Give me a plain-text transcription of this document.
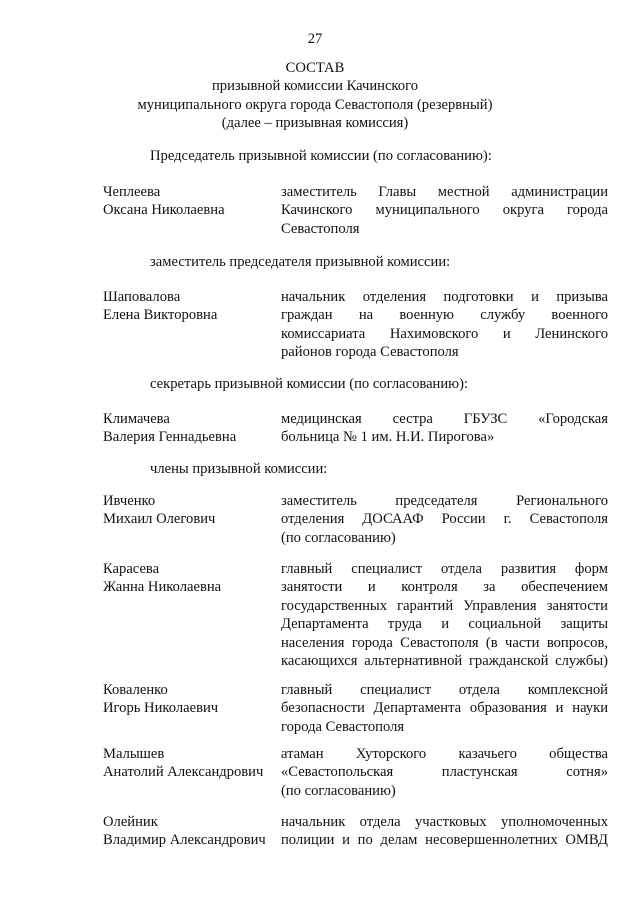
27
СОСТАВ
призывной комиссии Качинского
муниципального округа города Севастополя (резервный)
(далее – призывная комиссия)
Председатель призывной комиссии (по согласованию):
Чеплеева
Оксана Николаевна
заместитель Главы местной администрации
Качинского муниципального округа города
Севастополя
заместитель председателя призывной комиссии:
Шаповалова
Елена Викторовна
начальник отделения подготовки и призыва
граждан на военную службу военного
комиссариата Нахимовского и Ленинского
районов города Севастополя
секретарь призывной комиссии (по согласованию):
Климачева
Валерия Геннадьевна
медицинская сестра ГБУЗС «Городская
больница № 1 им. Н.И. Пирогова»
члены призывной комиссии:
Ивченко
Михаил Олегович
заместитель председателя Регионального
отделения ДОСААФ России г. Севастополя
(по согласованию)
Карасева
Жанна Николаевна
главный специалист отдела развития форм
занятости и контроля за обеспечением
государственных гарантий Управления занятости
Департамента труда и социальной защиты
населения города Севастополя (в части вопросов,
касающихся альтернативной гражданской службы)
Коваленко
Игорь Николаевич
главный специалист отдела комплексной
безопасности Департамента образования и науки
города Севастополя
Малышев
Анатолий Александрович
атаман Хуторского казачьего общества
«Севастопольская пластунская сотня»
(по согласованию)
Олейник
Владимир Александрович
начальник отдела участковых уполномоченных
полиции и по делам несовершеннолетних ОМВД
